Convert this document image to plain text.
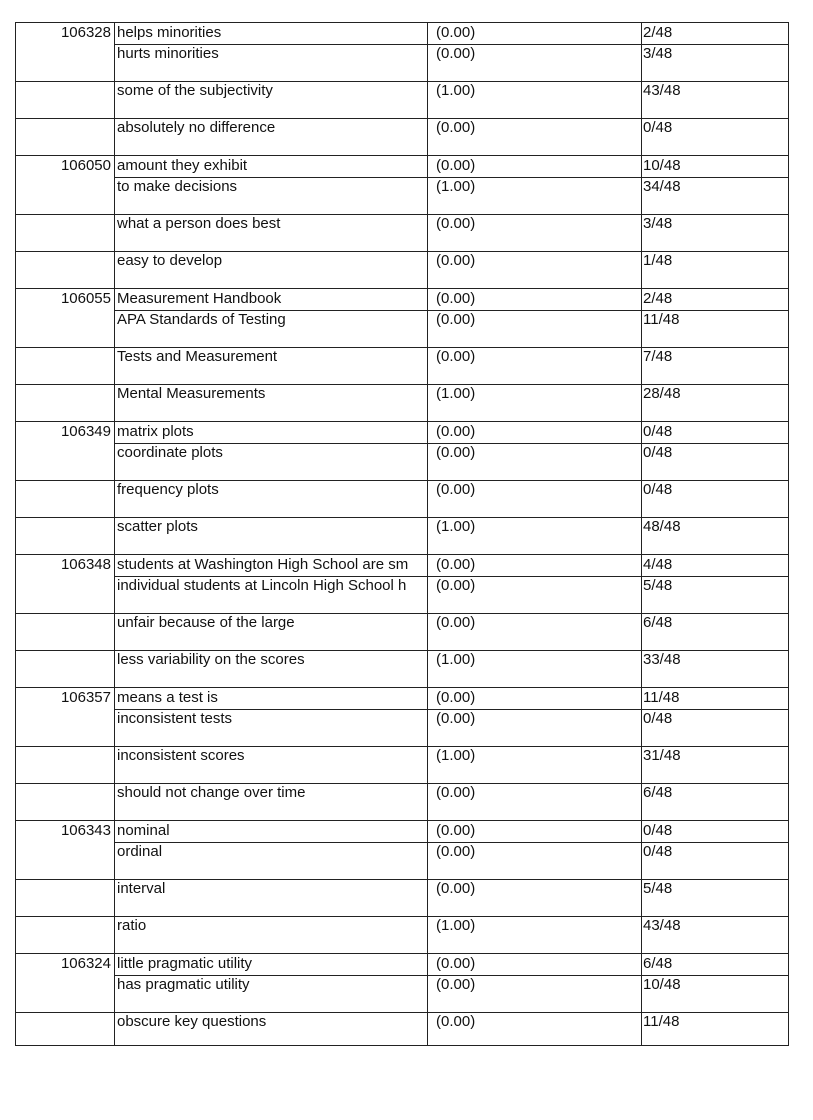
106328 helps minorities	(0.00)	2/48
hurts minorities	(0.00)	3/48
some of the subjectivity	(1.00)	43/48
absolutely no difference	(0.00)	0/48
106050 amount they exhibit	(0.00)	10/48
to make decisions	(1.00)	34/48
what a person does best	(0.00)	3/48
easy to develop	(0.00)	1/48
106055 Measurement Handbook	(0.00)	2/48
APA Standards of Testing	(0.00)	11/48
Tests and Measurement	(0.00)	7/48
Mental Measurements	(1.00)	28/48
106349 matrix plots	(0.00)	0/48
coordinate plots	(0.00)	0/48
frequency plots	(0.00)	0/48
scatter plots	(1.00)	48/48
106348 students at Washington High School are sm	(0.00)	4/48
individual students at Lincoln High School h	(0.00)	5/48
unfair because of the large	(0.00)	6/48
less variability on the scores	(1.00)	33/48
106357 means a test is	(0.00)	11/48
inconsistent tests	(0.00)	0/48
inconsistent scores	(1.00)	31/48
should not change over time	(0.00)	6/48
106343 nominal	(0.00)	0/48
ordinal	(0.00)	0/48
interval	(0.00)	5/48
ratio	(1.00)	43/48
106324 little pragmatic utility	(0.00)	6/48
has pragmatic utility	(0.00)	10/48
obscure key questions	(0.00)	11/48
